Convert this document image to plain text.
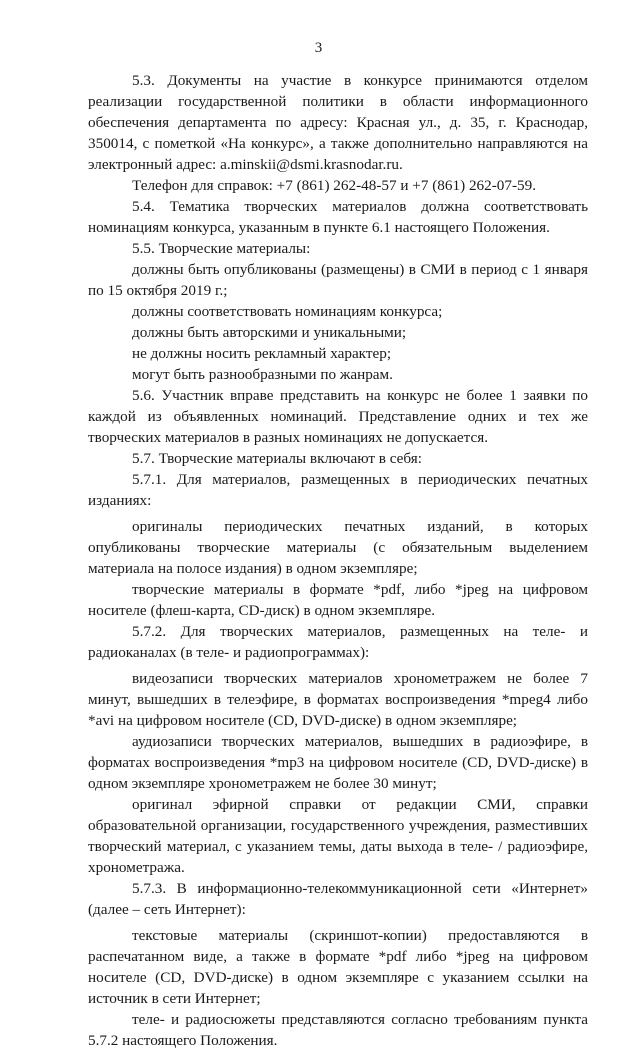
3

5.3. Документы на участие в конкурсе принимаются отделом реализации государственной политики в области информационного обеспечения департамента по адресу: Красная ул., д. 35, г. Краснодар, 350014, с пометкой «На конкурс», а также дополнительно направляются на электронный адрес: a.minskii@dsmi.krasnodar.ru.

Телефон для справок: +7 (861) 262-48-57 и +7 (861) 262-07-59.

5.4. Тематика творческих материалов должна соответствовать номинациям конкурса, указанным в пункте 6.1 настоящего Положения.

5.5. Творческие материалы:

должны быть опубликованы (размещены) в СМИ в период с 1 января по 15 октября 2019 г.;

должны соответствовать номинациям конкурса;

должны быть авторскими и уникальными;

не должны носить рекламный характер;

могут быть разнообразными по жанрам.

5.6. Участник вправе представить на конкурс не более 1 заявки по каждой из объявленных номинаций. Представление одних и тех же творческих материалов в разных номинациях не допускается.

5.7. Творческие материалы включают в себя:

5.7.1. Для материалов, размещенных в периодических печатных изданиях:

оригиналы периодических печатных изданий, в которых опубликованы творческие материалы (с обязательным выделением материала на полосе издания) в одном экземпляре;

творческие материалы в формате *pdf, либо *jpeg на цифровом носителе (флеш-карта, CD-диск) в одном экземпляре.

5.7.2. Для творческих материалов, размещенных на теле- и радиоканалах (в теле- и радиопрограммах):

видеозаписи творческих материалов хронометражем не более 7 минут, вышедших в телеэфире, в форматах воспроизведения *mpeg4 либо *avi на цифровом носителе (CD, DVD-диске) в одном экземпляре;

аудиозаписи творческих материалов, вышедших в радиоэфире, в форматах воспроизведения *mp3 на цифровом носителе (CD, DVD-диске) в одном экземпляре хронометражем не более 30 минут;

оригинал эфирной справки от редакции СМИ, справки образовательной организации, государственного учреждения, разместивших творческий материал, с указанием темы, даты выхода в теле- / радиоэфире, хронометража.

5.7.3. В информационно-телекоммуникационной сети «Интернет» (далее – сеть Интернет):

текстовые материалы (скриншот-копии) предоставляются в распечатанном виде, а также в формате *pdf либо *jpeg на цифровом носителе (CD, DVD-диске) в одном экземпляре с указанием ссылки на источник в сети Интернет;

теле- и радиосюжеты представляются согласно требованиям пункта 5.7.2 настоящего Положения.
